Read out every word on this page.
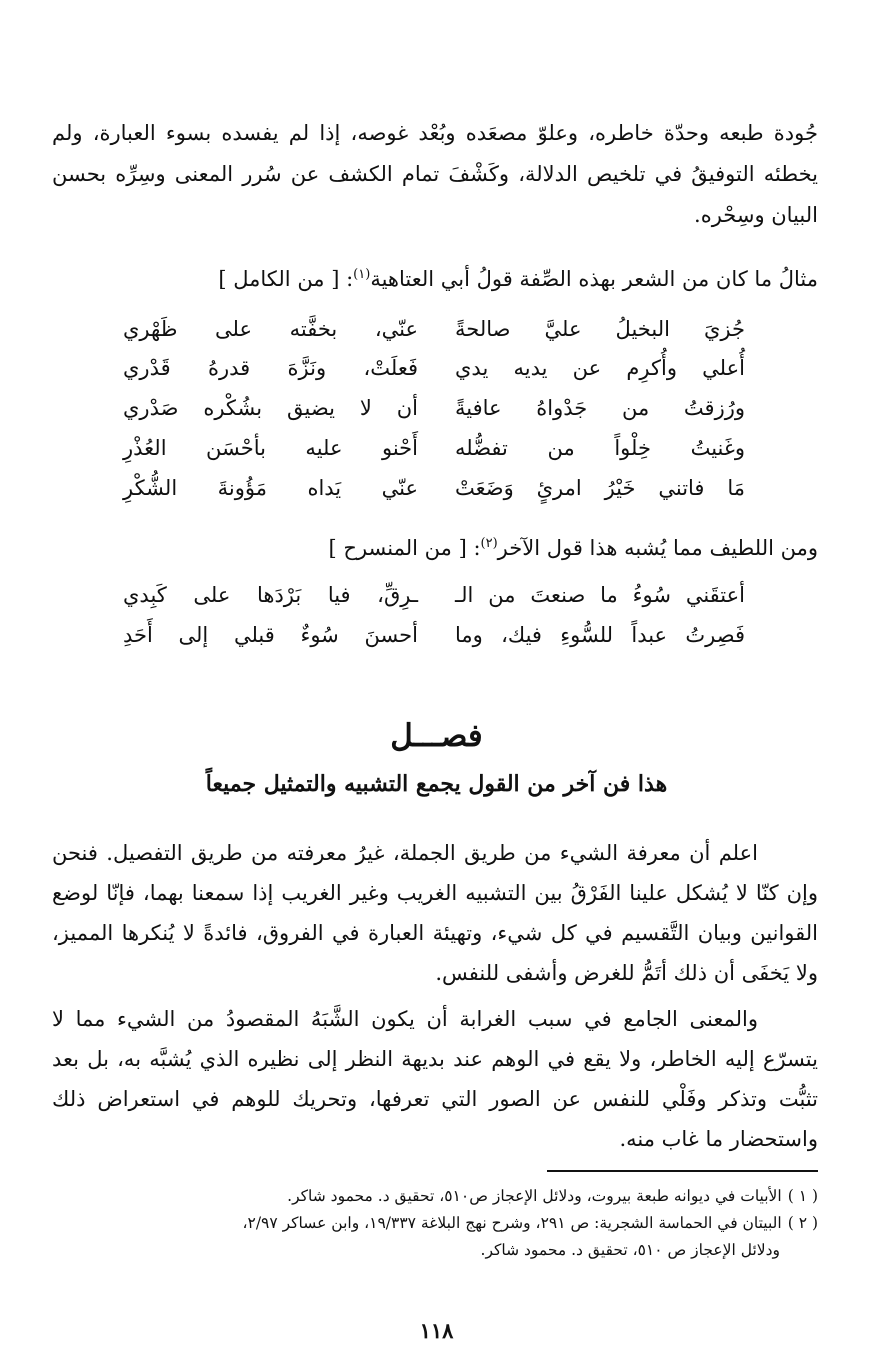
جُودة طبعه وحدّة خاطره، وعلوّ مصعَده وبُعْد غوصه، إذا لم يفسده بسوء العبارة، ولم يخطئه التوفيقُ في تلخيص الدلالة، وكَشْفَ تمام الكشف عن سُرر المعنى وسِرِّه بحسن البيان وسِحْره.
مثالُ ما كان من الشعر بهذه الصِّفة قولُ أبي العتاهية$^{(١)}$: [ من الكامل ]
جُزيَ البخيلُ عليَّ صالحةً
عنّي، بخفَّته على ظَهْري
أُعلي وأُكرِم عن يديه يدي
فَعلَتْ، ونَزَّهَ قدرهُ قَدْري
ورُزقتُ من جَدْواهُ عافيةً
أن لا يضيق بشُكْره صَدْري
وغَنيتُ خِلْواً من تفضُّله
أَحْنو عليه بأحْسَن العُذْرِ
مَا فاتني خَيْرُ امرئٍ وَضَعَتْ
عنّي يَداه مَؤُونةَ الشُّكْرِ
ومن اللطيف مما يُشبه هذا قول الآخر$^{(٢)}$: [ من المنسرح ]
أعتقَني سُوءُ ما صنعتَ من الـ
ـرِقِّ، فيا بَرْدَها على كَبِدي
فَصِرتُ عبداً للسُّوءِ فيك، وما
أحسنَ سُوءٌ قبلي إلى أَحَدِ
فصـــل
هذا فن آخر من القول يجمع التشبيه والتمثيل جميعاً

اعلم أن معرفة الشيء من طريق الجملة، غيرُ معرفته من طريق التفصيل. فنحن وإن كنّا لا يُشكل علينا الفَرْقُ بين التشبيه الغريب وغير الغريب إذا سمعنا بهما، فإنّا لوضع القوانين وبيان التَّقسيم في كل شيء، وتهيئة العبارة في الفروق، فائدةً لا يُنكرها المميز، ولا يَخفَى أن ذلك أتَمُّ للغرض وأشفى للنفس.

والمعنى الجامع في سبب الغرابة أن يكون الشَّبَهُ المقصودُ من الشيء مما لا يتسرّع إليه الخاطر، ولا يقع في الوهم عند بديهة النظر إلى نظيره الذي يُشبَّه به، بل بعد تثبُّت وتذكر وفَلْي للنفس عن الصور التي تعرفها، وتحريك للوهم في استعراض ذلك واستحضار ما غاب منه.

( ١ )الأبيات في ديوانه طبعة بيروت، ودلائل الإعجاز ص٥١٠، تحقيق د. محمود شاكر.
( ٢ )البيتان في الحماسة الشجرية: ص ٢٩١، وشرح نهج البلاغة ١٩/٣٣٧، وابن عساكر ٢/٩٧،
ودلائل الإعجاز ص ٥١٠، تحقيق د. محمود شاكر.
١١٨
